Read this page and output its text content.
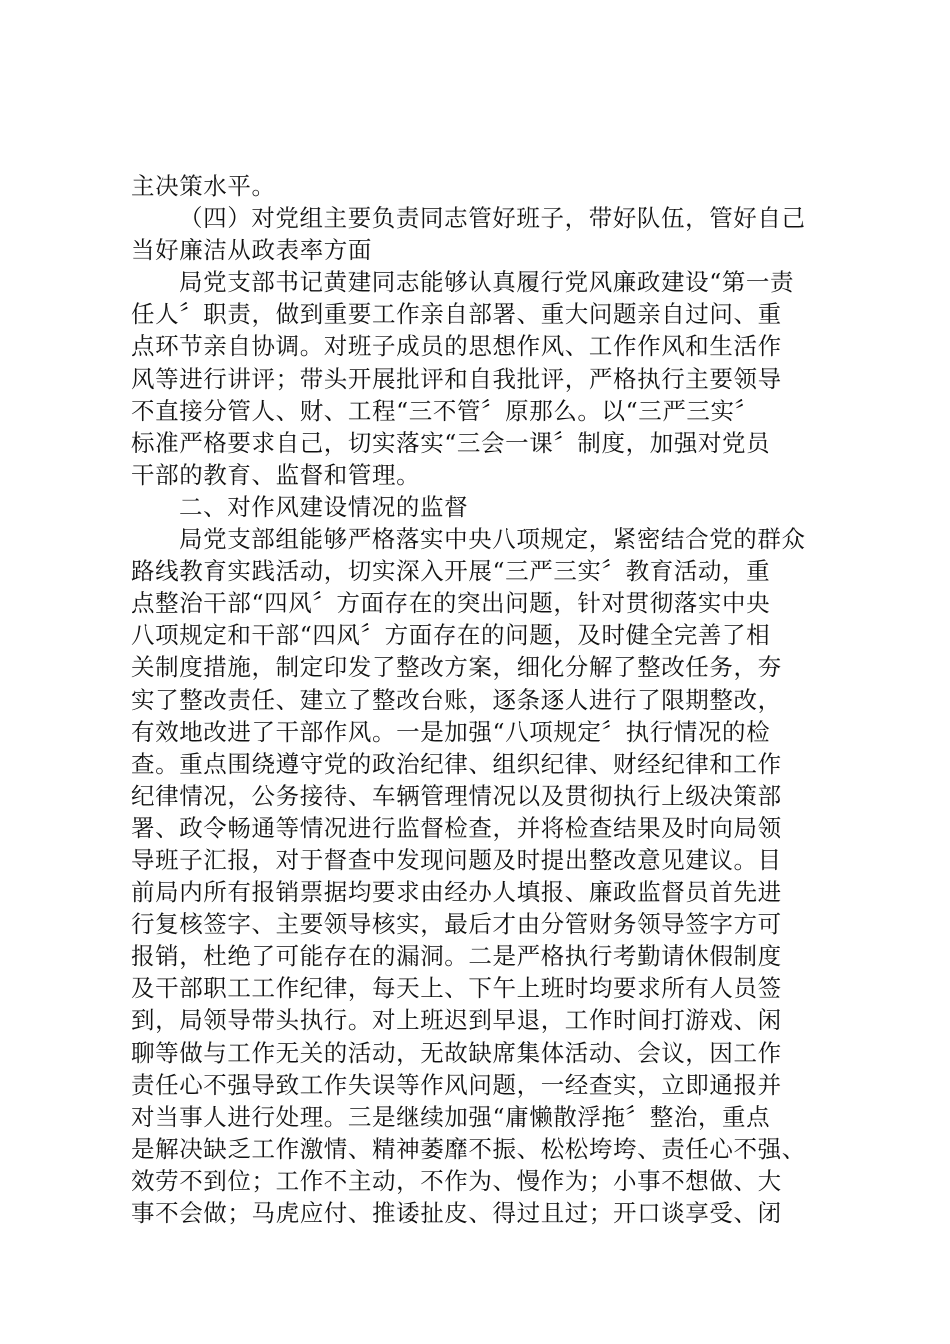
主决策水平。
（四）对党组主要负责同志管好班子，带好队伍，管好自己
当好廉洁从政表率方面
局党支部书记黄建同志能够认真履行党风廉政建设“第一责
任人〞职责，做到重要工作亲自部署、重大问题亲自过问、重
点环节亲自协调。对班子成员的思想作风、工作作风和生活作
风等进行讲评；带头开展批评和自我批评，严格执行主要领导
不直接分管人、财、工程“三不管〞原那么。以“三严三实〞
标准严格要求自己，切实落实“三会一课〞制度，加强对党员
干部的教育、监督和管理。
二、对作风建设情况的监督
局党支部组能够严格落实中央八项规定，紧密结合党的群众
路线教育实践活动，切实深入开展“三严三实〞教育活动，重
点整治干部“四风〞方面存在的突出问题，针对贯彻落实中央
八项规定和干部“四风〞方面存在的问题，及时健全完善了相
关制度措施，制定印发了整改方案，细化分解了整改任务，夯
实了整改责任、建立了整改台账，逐条逐人进行了限期整改，
有效地改进了干部作风。一是加强“八项规定〞执行情况的检
查。重点围绕遵守党的政治纪律、组织纪律、财经纪律和工作
纪律情况，公务接待、车辆管理情况以及贯彻执行上级决策部
署、政令畅通等情况进行监督检查，并将检查结果及时向局领
导班子汇报，对于督查中发现问题及时提出整改意见建议。目
前局内所有报销票据均要求由经办人填报、廉政监督员首先进
行复核签字、主要领导核实，最后才由分管财务领导签字方可
报销，杜绝了可能存在的漏洞。二是严格执行考勤请休假制度
及干部职工工作纪律，每天上、下午上班时均要求所有人员签
到，局领导带头执行。对上班迟到早退，工作时间打游戏、闲
聊等做与工作无关的活动，无故缺席集体活动、会议，因工作
责任心不强导致工作失误等作风问题，一经查实，立即通报并
对当事人进行处理。三是继续加强“庸懒散浮拖〞整治，重点
是解决缺乏工作激情、精神萎靡不振、松松垮垮、责任心不强、
效劳不到位；工作不主动，不作为、慢作为；小事不想做、大
事不会做；马虎应付、推诿扯皮、得过且过；开口谈享受、闭
